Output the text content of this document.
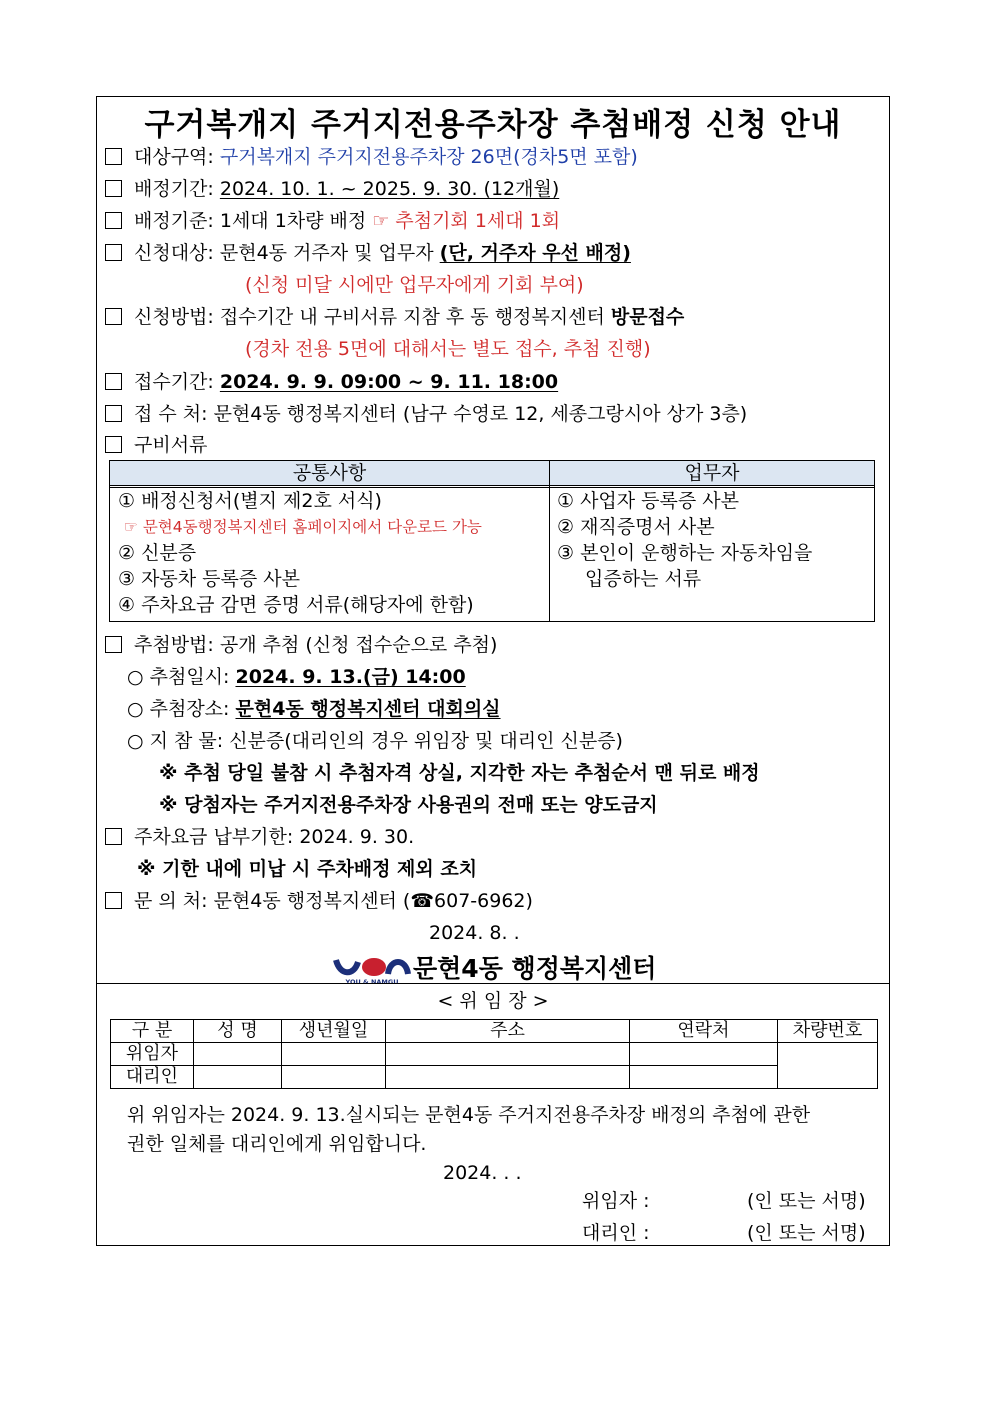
구거복개지 주거지전용주차장 추첨배정 신청 안내
대상구역: 구거복개지 주거지전용주차장 26면(경차5면 포함)
배정기간: 2024. 10. 1. ~ 2025. 9. 30. (12개월)
배정기준: 1세대 1차량 배정 ☞ 추첨기회 1세대 1회
신청대상: 문현4동 거주자 및 업무자 (단, 거주자 우선 배정)
(신청 미달 시에만 업무자에게 기회 부여)
신청방법: 접수기간 내 구비서류 지참 후 동 행정복지센터 방문접수
(경차 전용 5면에 대해서는 별도 접수, 추첨 진행)
접수기간: 2024. 9. 9. 09:00 ~ 9. 11. 18:00
접 수 처: 문현4동 행정복지센터 (남구 수영로 12, 세종그랑시아 상가 3층)
구비서류
공통사항	업무자
① 배정신청서(별지 제2호 서식)
☞ 문현4동행정복지센터 홈페이지에서 다운로드 가능
② 신분증
③ 자동차 등록증 사본
④ 주차요금 감면 증명 서류(해당자에 한함)
① 사업자 등록증 사본
② 재직증명서 사본
③ 본인이 운행하는 자동차임을
입증하는 서류
추첨방법: 공개 추첨 (신청 접수순으로 추첨)
○ 추첨일시: 2024. 9. 13.(금) 14:00
○ 추첨장소: 문현4동 행정복지센터 대회의실
○ 지 참 물: 신분증(대리인의 경우 위임장 및 대리인 신분증)
※ 추첨 당일 불참 시 추첨자격 상실, 지각한 자는 추첨순서 맨 뒤로 배정
※ 당첨자는 주거지전용주차장 사용권의 전매 또는 양도금지
주차요금 납부기한: 2024. 9. 30.
※ 기한 내에 미납 시 주차배정 제외 조치
문 의 처: 문현4동 행정복지센터 (☎607-6962)
2024. 8. .
YOU & NAMGU 문현4동 행정복지센터
< 위 임 장 >
구 분	성 명	생년월일	주소	연락처	차량번호
위임자					
대리인					
위 위임자는 2024. 9. 13.실시되는 문현4동 주거지전용주차장 배정의 추첨에 관한
권한 일체를 대리인에게 위임합니다.
2024. . .
위임자 :	(인 또는 서명)
대리인 :	(인 또는 서명)
